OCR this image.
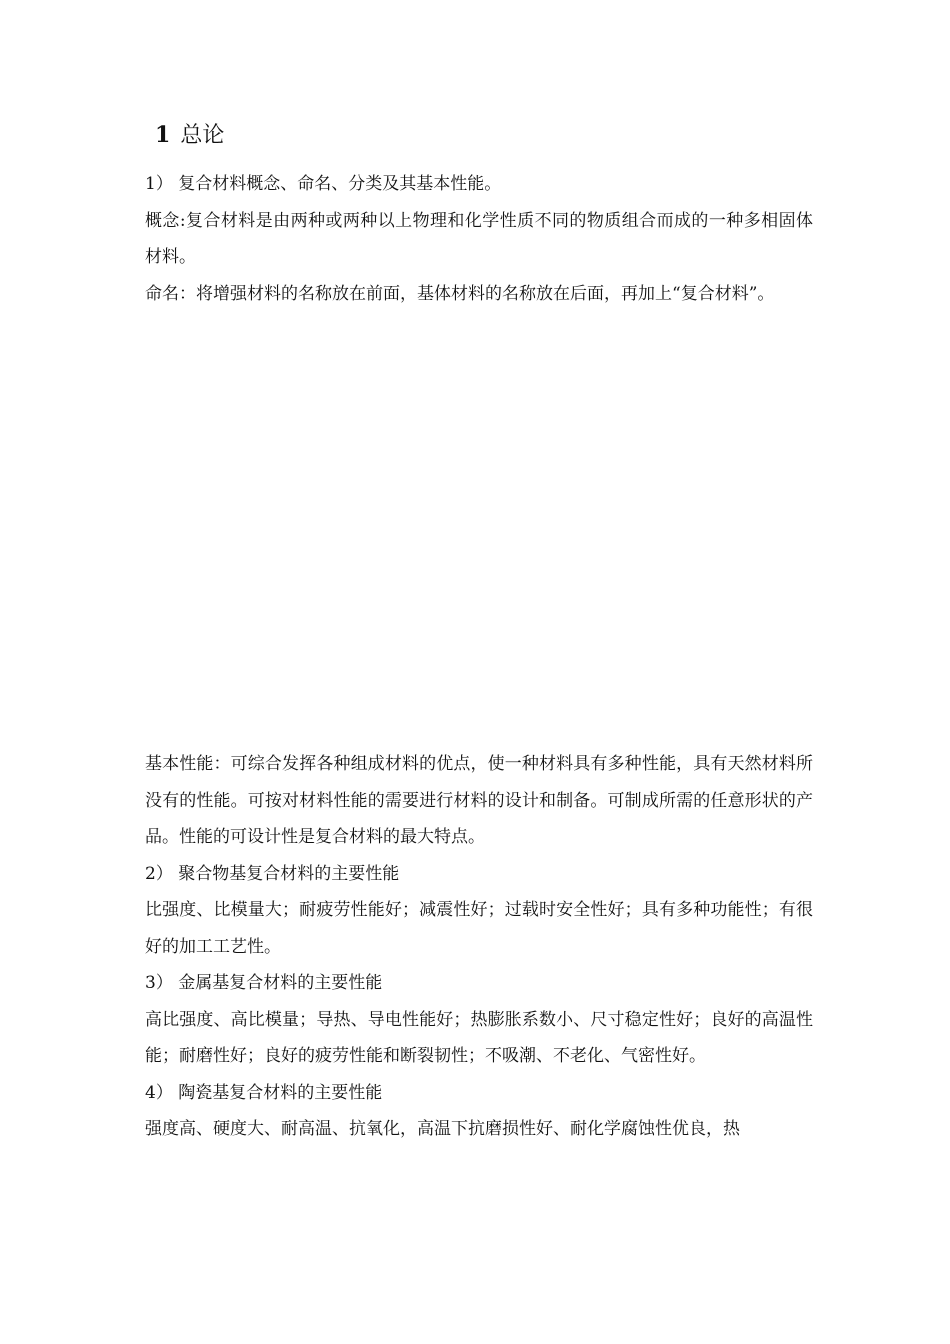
1 总论

1） 复合材料概念、命名、分类及其基本性能。

概念:复合材料是由两种或两种以上物理和化学性质不同的物质组合而成的一种多相固体材料。

命名：将增强材料的名称放在前面，基体材料的名称放在后面，再加上“复合材料”。

基本性能：可综合发挥各种组成材料的优点，使一种材料具有多种性能，具有天然材料所没有的性能。可按对材料性能的需要进行材料的设计和制备。可制成所需的任意形状的产品。性能的可设计性是复合材料的最大特点。

2） 聚合物基复合材料的主要性能

比强度、比模量大；耐疲劳性能好；减震性好；过载时安全性好；具有多种功能性；有很好的加工工艺性。

3） 金属基复合材料的主要性能

高比强度、高比模量；导热、导电性能好；热膨胀系数小、尺寸稳定性好；良好的高温性能；耐磨性好；良好的疲劳性能和断裂韧性；不吸潮、不老化、气密性好。

4） 陶瓷基复合材料的主要性能

强度高、硬度大、耐高温、抗氧化，高温下抗磨损性好、耐化学腐蚀性优良，热
